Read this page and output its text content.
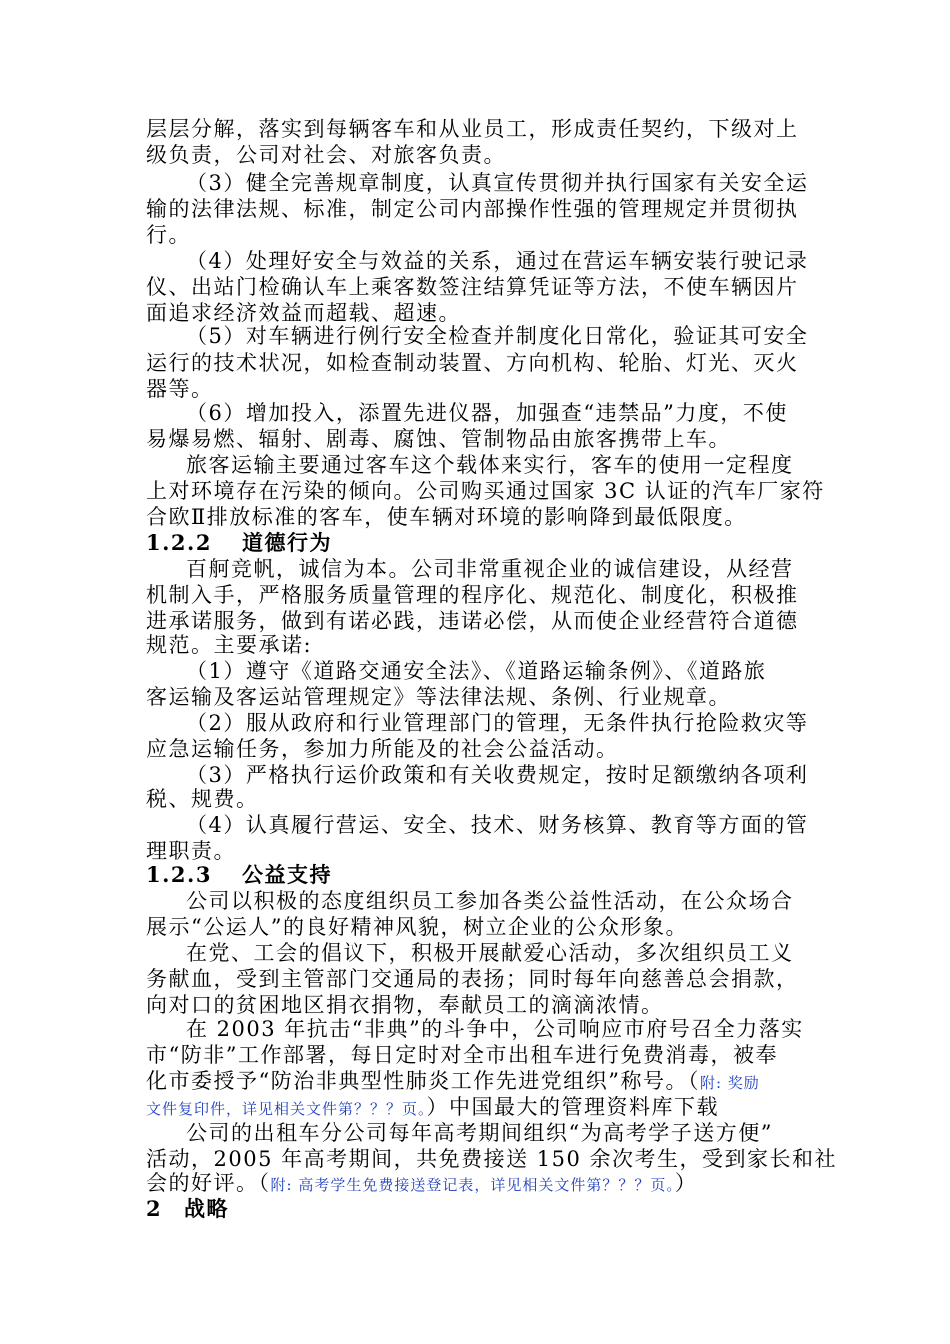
层层分解，落实到每辆客车和从业员工，形成责任契约，下级对上
级负责，公司对社会、对旅客负责。
（3）健全完善规章制度，认真宣传贯彻并执行国家有关安全运
输的法律法规、标准，制定公司内部操作性强的管理规定并贯彻执
行。
（4）处理好安全与效益的关系，通过在营运车辆安装行驶记录
仪、出站门检确认车上乘客数签注结算凭证等方法，不使车辆因片
面追求经济效益而超载、超速。
（5）对车辆进行例行安全检查并制度化日常化，验证其可安全
运行的技术状况，如检查制动装置、方向机构、轮胎、灯光、灭火
器等。
（6）增加投入，添置先进仪器，加强查“违禁品”力度，不使
易爆易燃、辐射、剧毒、腐蚀、管制物品由旅客携带上车。
旅客运输主要通过客车这个载体来实行，客车的使用一定程度
上对环境存在污染的倾向。公司购买通过国家 3C 认证的汽车厂家符
合欧Ⅱ排放标准的客车，使车辆对环境的影响降到最低限度。
1.2.2 道德行为
百舸竞帆，诚信为本。公司非常重视企业的诚信建设，从经营
机制入手，严格服务质量管理的程序化、规范化、制度化，积极推
进承诺服务，做到有诺必践，违诺必偿，从而使企业经营符合道德
规范。主要承诺:
（1）遵守《道路交通安全法》、《道路运输条例》、《道路旅
客运输及客运站管理规定》等法律法规、条例、行业规章。
（2）服从政府和行业管理部门的管理，无条件执行抢险救灾等
应急运输任务，参加力所能及的社会公益活动。
（3）严格执行运价政策和有关收费规定，按时足额缴纳各项利
税、规费。
（4）认真履行营运、安全、技术、财务核算、教育等方面的管
理职责。
1.2.3 公益支持
公司以积极的态度组织员工参加各类公益性活动，在公众场合
展示“公运人”的良好精神风貌，树立企业的公众形象。
在党、工会的倡议下，积极开展献爱心活动，多次组织员工义
务献血，受到主管部门交通局的表扬；同时每年向慈善总会捐款，
向对口的贫困地区捐衣捐物，奉献员工的滴滴浓情。
在 2003 年抗击“非典”的斗争中，公司响应市府号召全力落实
市“防非”工作部署，每日定时对全市出租车进行免费消毒，被奉
化市委授予“防治非典型性肺炎工作先进党组织”称号。（附: 奖励
文件复印件，详见相关文件第？？？页。）中国最大的管理资料库下载
公司的出租车分公司每年高考期间组织“为高考学子送方便”
活动，2005 年高考期间，共免费接送 150 余次考生，受到家长和社
会的好评。（附: 高考学生免费接送登记表，详见相关文件第？？？页。）
2 战略
